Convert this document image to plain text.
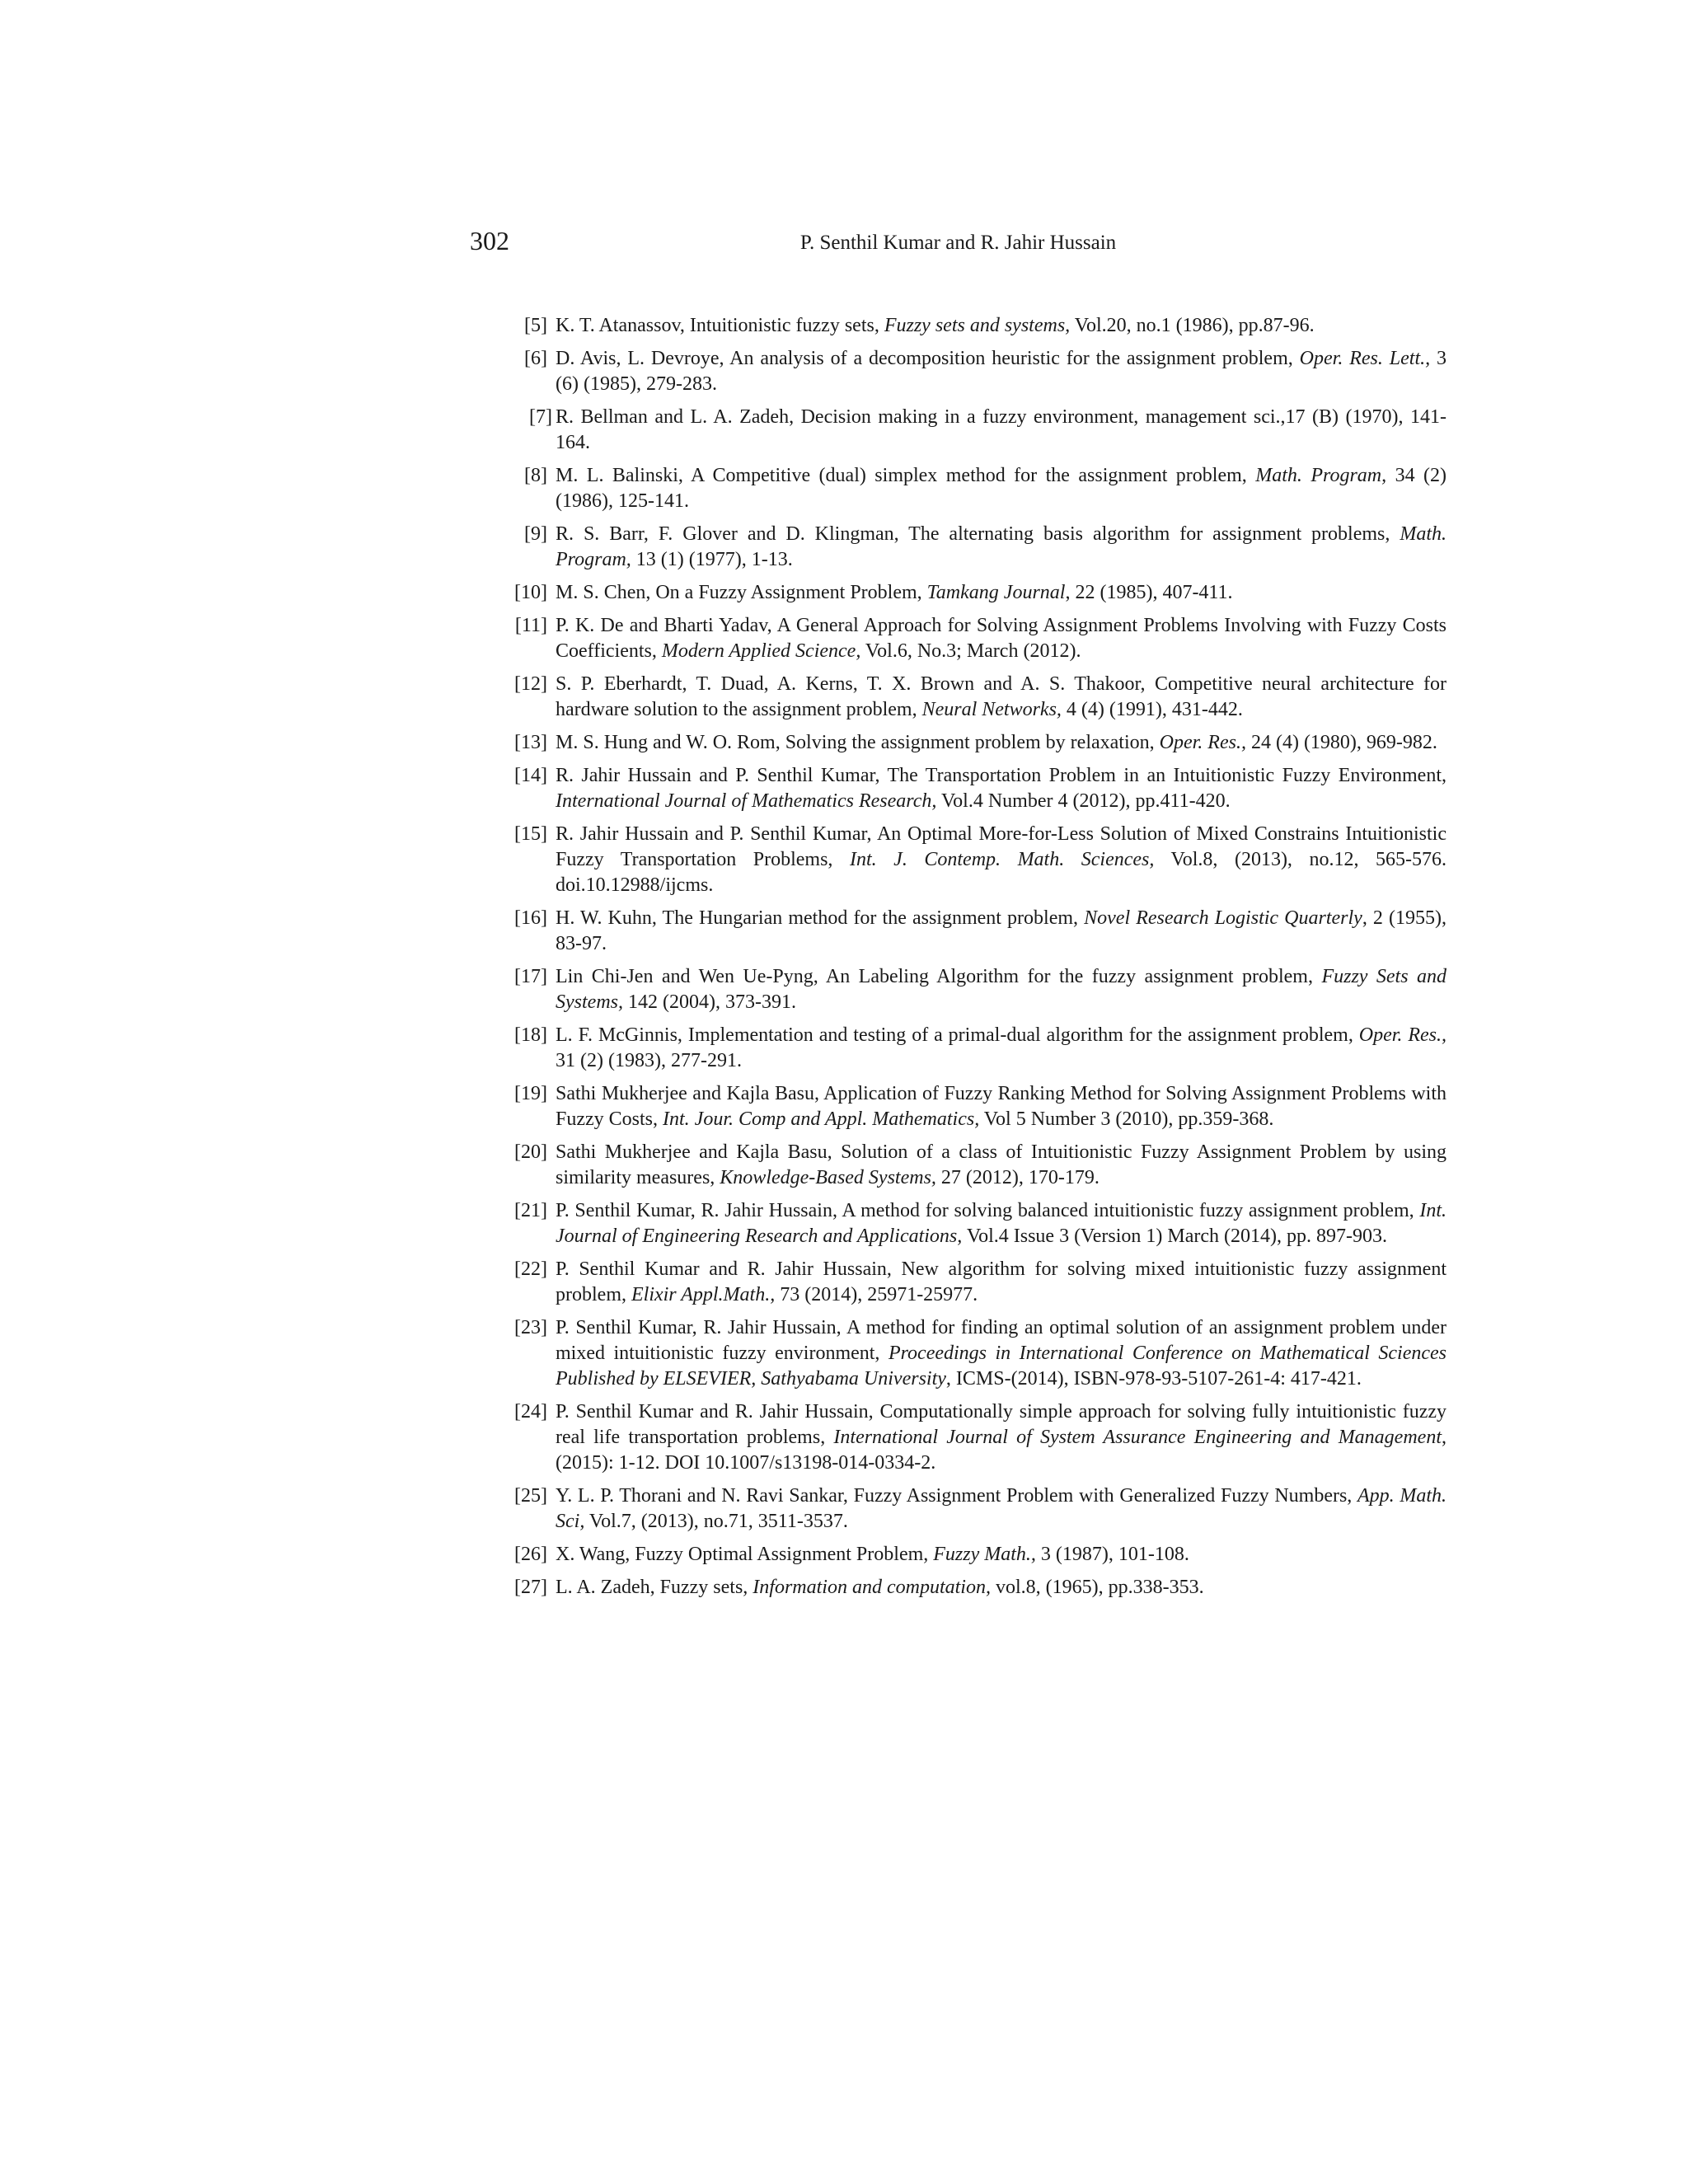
302	P. Senthil Kumar and R. Jahir Hussain
[5] K. T. Atanassov, Intuitionistic fuzzy sets, Fuzzy sets and systems, Vol.20, no.1 (1986), pp.87-96.
[6] D. Avis, L. Devroye, An analysis of a decomposition heuristic for the assignment problem, Oper. Res. Lett., 3 (6) (1985), 279-283.
[7] R. Bellman and L. A. Zadeh, Decision making in a fuzzy environment, management sci.,17 (B) (1970), 141-164.
[8] M. L. Balinski, A Competitive (dual) simplex method for the assignment problem, Math. Program, 34 (2) (1986), 125-141.
[9] R. S. Barr, F. Glover and D. Klingman, The alternating basis algorithm for assignment problems, Math. Program, 13 (1) (1977), 1-13.
[10] M. S. Chen, On a Fuzzy Assignment Problem, Tamkang Journal, 22 (1985), 407-411.
[11] P. K. De and Bharti Yadav, A General Approach for Solving Assignment Problems Involving with Fuzzy Costs Coefficients, Modern Applied Science, Vol.6, No.3; March (2012).
[12] S. P. Eberhardt, T. Duad, A. Kerns, T. X. Brown and A. S. Thakoor, Competitive neural architecture for hardware solution to the assignment problem, Neural Networks, 4 (4) (1991), 431-442.
[13] M. S. Hung and W. O. Rom, Solving the assignment problem by relaxation, Oper. Res., 24 (4) (1980), 969-982.
[14] R. Jahir Hussain and P. Senthil Kumar, The Transportation Problem in an Intuitionistic Fuzzy Environment, International Journal of Mathematics Research, Vol.4 Number 4 (2012), pp.411-420.
[15] R. Jahir Hussain and P. Senthil Kumar, An Optimal More-for-Less Solution of Mixed Constrains Intuitionistic Fuzzy Transportation Problems, Int. J. Contemp. Math. Sciences, Vol.8, (2013), no.12, 565-576. doi.10.12988/ijcms.
[16] H. W. Kuhn, The Hungarian method for the assignment problem, Novel Research Logistic Quarterly, 2 (1955), 83-97.
[17] Lin Chi-Jen and Wen Ue-Pyng, An Labeling Algorithm for the fuzzy assignment problem, Fuzzy Sets and Systems, 142 (2004), 373-391.
[18] L. F. McGinnis, Implementation and testing of a primal-dual algorithm for the assignment problem, Oper. Res., 31 (2) (1983), 277-291.
[19] Sathi Mukherjee and Kajla Basu, Application of Fuzzy Ranking Method for Solving Assignment Problems with Fuzzy Costs, Int. Jour. Comp and Appl. Mathematics, Vol 5 Number 3 (2010), pp.359-368.
[20] Sathi Mukherjee and Kajla Basu, Solution of a class of Intuitionistic Fuzzy Assignment Problem by using similarity measures, Knowledge-Based Systems, 27 (2012), 170-179.
[21] P. Senthil Kumar, R. Jahir Hussain, A method for solving balanced intuitionistic fuzzy assignment problem, Int. Journal of Engineering Research and Applications, Vol.4 Issue 3 (Version 1) March (2014), pp. 897-903.
[22] P. Senthil Kumar and R. Jahir Hussain, New algorithm for solving mixed intuitionistic fuzzy assignment problem, Elixir Appl.Math., 73 (2014), 25971-25977.
[23] P. Senthil Kumar, R. Jahir Hussain, A method for finding an optimal solution of an assignment problem under mixed intuitionistic fuzzy environment, Proceedings in International Conference on Mathematical Sciences Published by ELSEVIER, Sathyabama University, ICMS-(2014), ISBN-978-93-5107-261-4: 417-421.
[24] P. Senthil Kumar and R. Jahir Hussain, Computationally simple approach for solving fully intuitionistic fuzzy real life transportation problems, International Journal of System Assurance Engineering and Management, (2015): 1-12. DOI 10.1007/s13198-014-0334-2.
[25] Y. L. P. Thorani and N. Ravi Sankar, Fuzzy Assignment Problem with Generalized Fuzzy Numbers, App. Math. Sci, Vol.7, (2013), no.71, 3511-3537.
[26] X. Wang, Fuzzy Optimal Assignment Problem, Fuzzy Math., 3 (1987), 101-108.
[27] L. A. Zadeh, Fuzzy sets, Information and computation, vol.8, (1965), pp.338-353.
